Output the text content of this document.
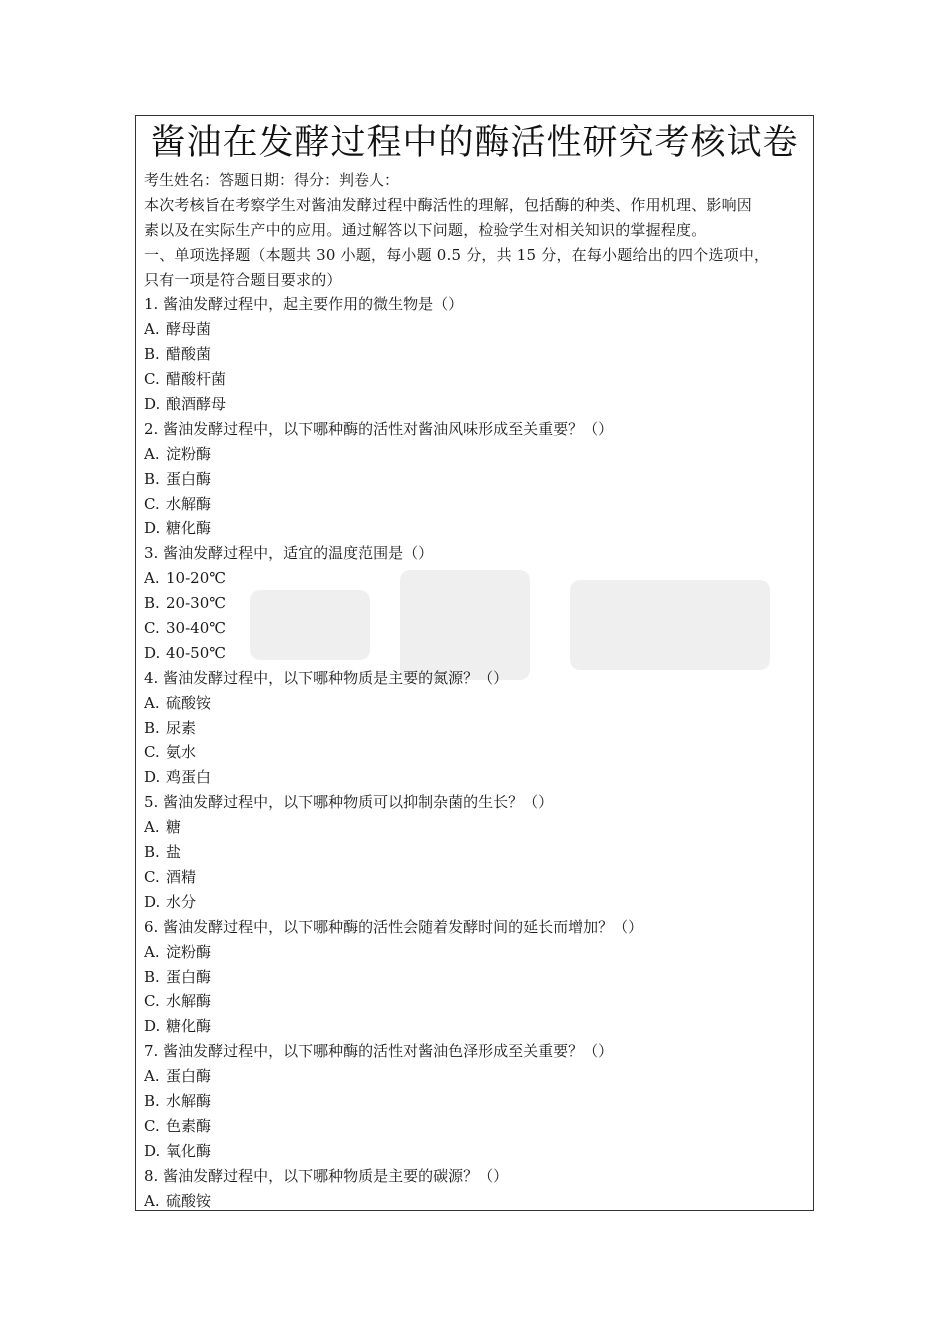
酱油在发酵过程中的酶活性研究考核试卷
考生姓名：答题日期：得分：判卷人：
本次考核旨在考察学生对酱油发酵过程中酶活性的理解，包括酶的种类、作用机理、影响因
素以及在实际生产中的应用。通过解答以下问题，检验学生对相关知识的掌握程度。
一、单项选择题（本题共 30 小题，每小题 0.5 分，共 15 分，在每小题给出的四个选项中，
只有一项是符合题目要求的）
1. 酱油发酵过程中，起主要作用的微生物是（）
A. 酵母菌
B. 醋酸菌
C. 醋酸杆菌
D. 酿酒酵母
2. 酱油发酵过程中，以下哪种酶的活性对酱油风味形成至关重要？（）
A. 淀粉酶
B. 蛋白酶
C. 水解酶
D. 糖化酶
3. 酱油发酵过程中，适宜的温度范围是（）
A. 10-20℃
B. 20-30℃
C. 30-40℃
D. 40-50℃
4. 酱油发酵过程中，以下哪种物质是主要的氮源？（）
A. 硫酸铵
B. 尿素
C. 氨水
D. 鸡蛋白
5. 酱油发酵过程中，以下哪种物质可以抑制杂菌的生长？（）
A. 糖
B. 盐
C. 酒精
D. 水分
6. 酱油发酵过程中，以下哪种酶的活性会随着发酵时间的延长而增加？（）
A. 淀粉酶
B. 蛋白酶
C. 水解酶
D. 糖化酶
7. 酱油发酵过程中，以下哪种酶的活性对酱油色泽形成至关重要？（）
A. 蛋白酶
B. 水解酶
C. 色素酶
D. 氧化酶
8. 酱油发酵过程中，以下哪种物质是主要的碳源？（）
A. 硫酸铵
